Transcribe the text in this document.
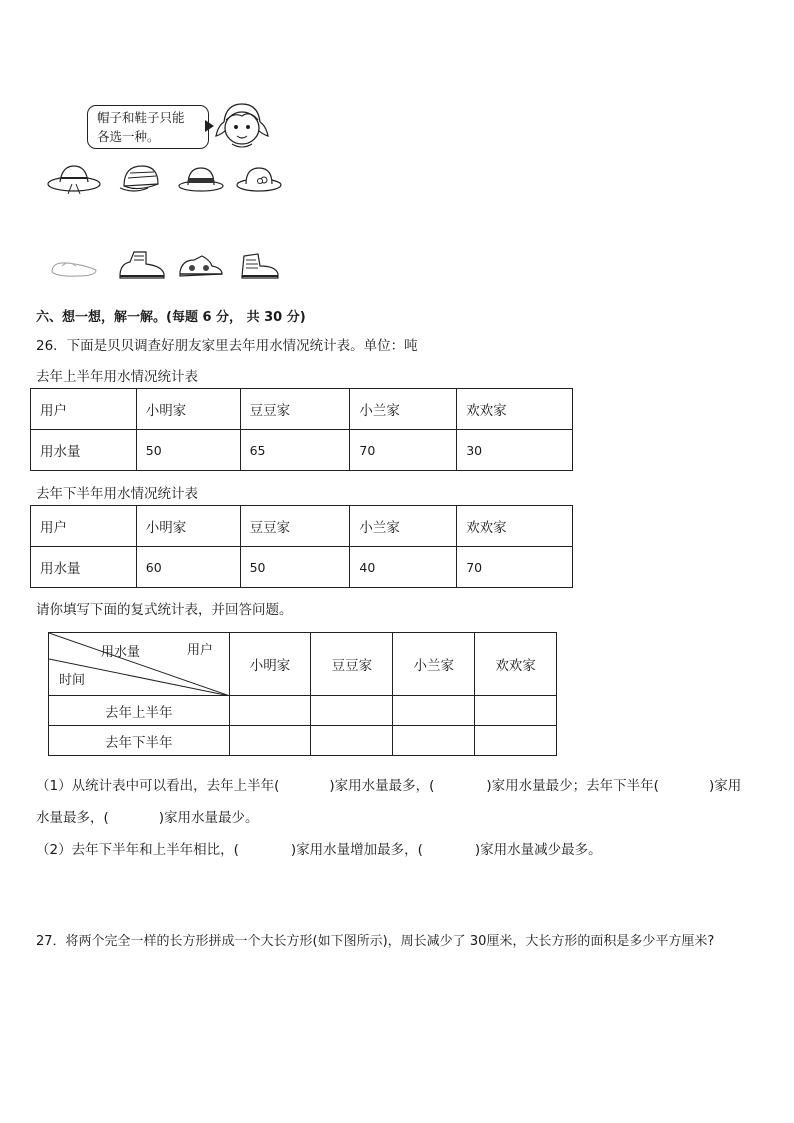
帽子和鞋子只能
各选一种。
六、想一想，解一解。(每题 6 分， 共 30 分)
26．下面是贝贝调查好朋友家里去年用水情况统计表。单位：吨
去年上半年用水情况统计表
用户	小明家	豆豆家	小兰家	欢欢家
用水量	50	65	70	30
去年下半年用水情况统计表
用户	小明家	豆豆家	小兰家	欢欢家
用水量	60	50	40	70
请你填写下面的复式统计表，并回答问题。
用水量 用户
时间	小明家	豆豆家	小兰家	欢欢家
去年上半年				
去年下半年				
（1）从统计表中可以看出，去年上半年(	)家用水量最多，(	)家用水量最少；去年下半年(	)家用
水量最多，(	)家用水量最少。
（2）去年下半年和上半年相比，(	)家用水量增加最多，(	)家用水量减少最多。
27．将两个完全一样的长方形拼成一个大长方形(如下图所示)，周长减少了 30厘米，大长方形的面积是多少平方厘米?
